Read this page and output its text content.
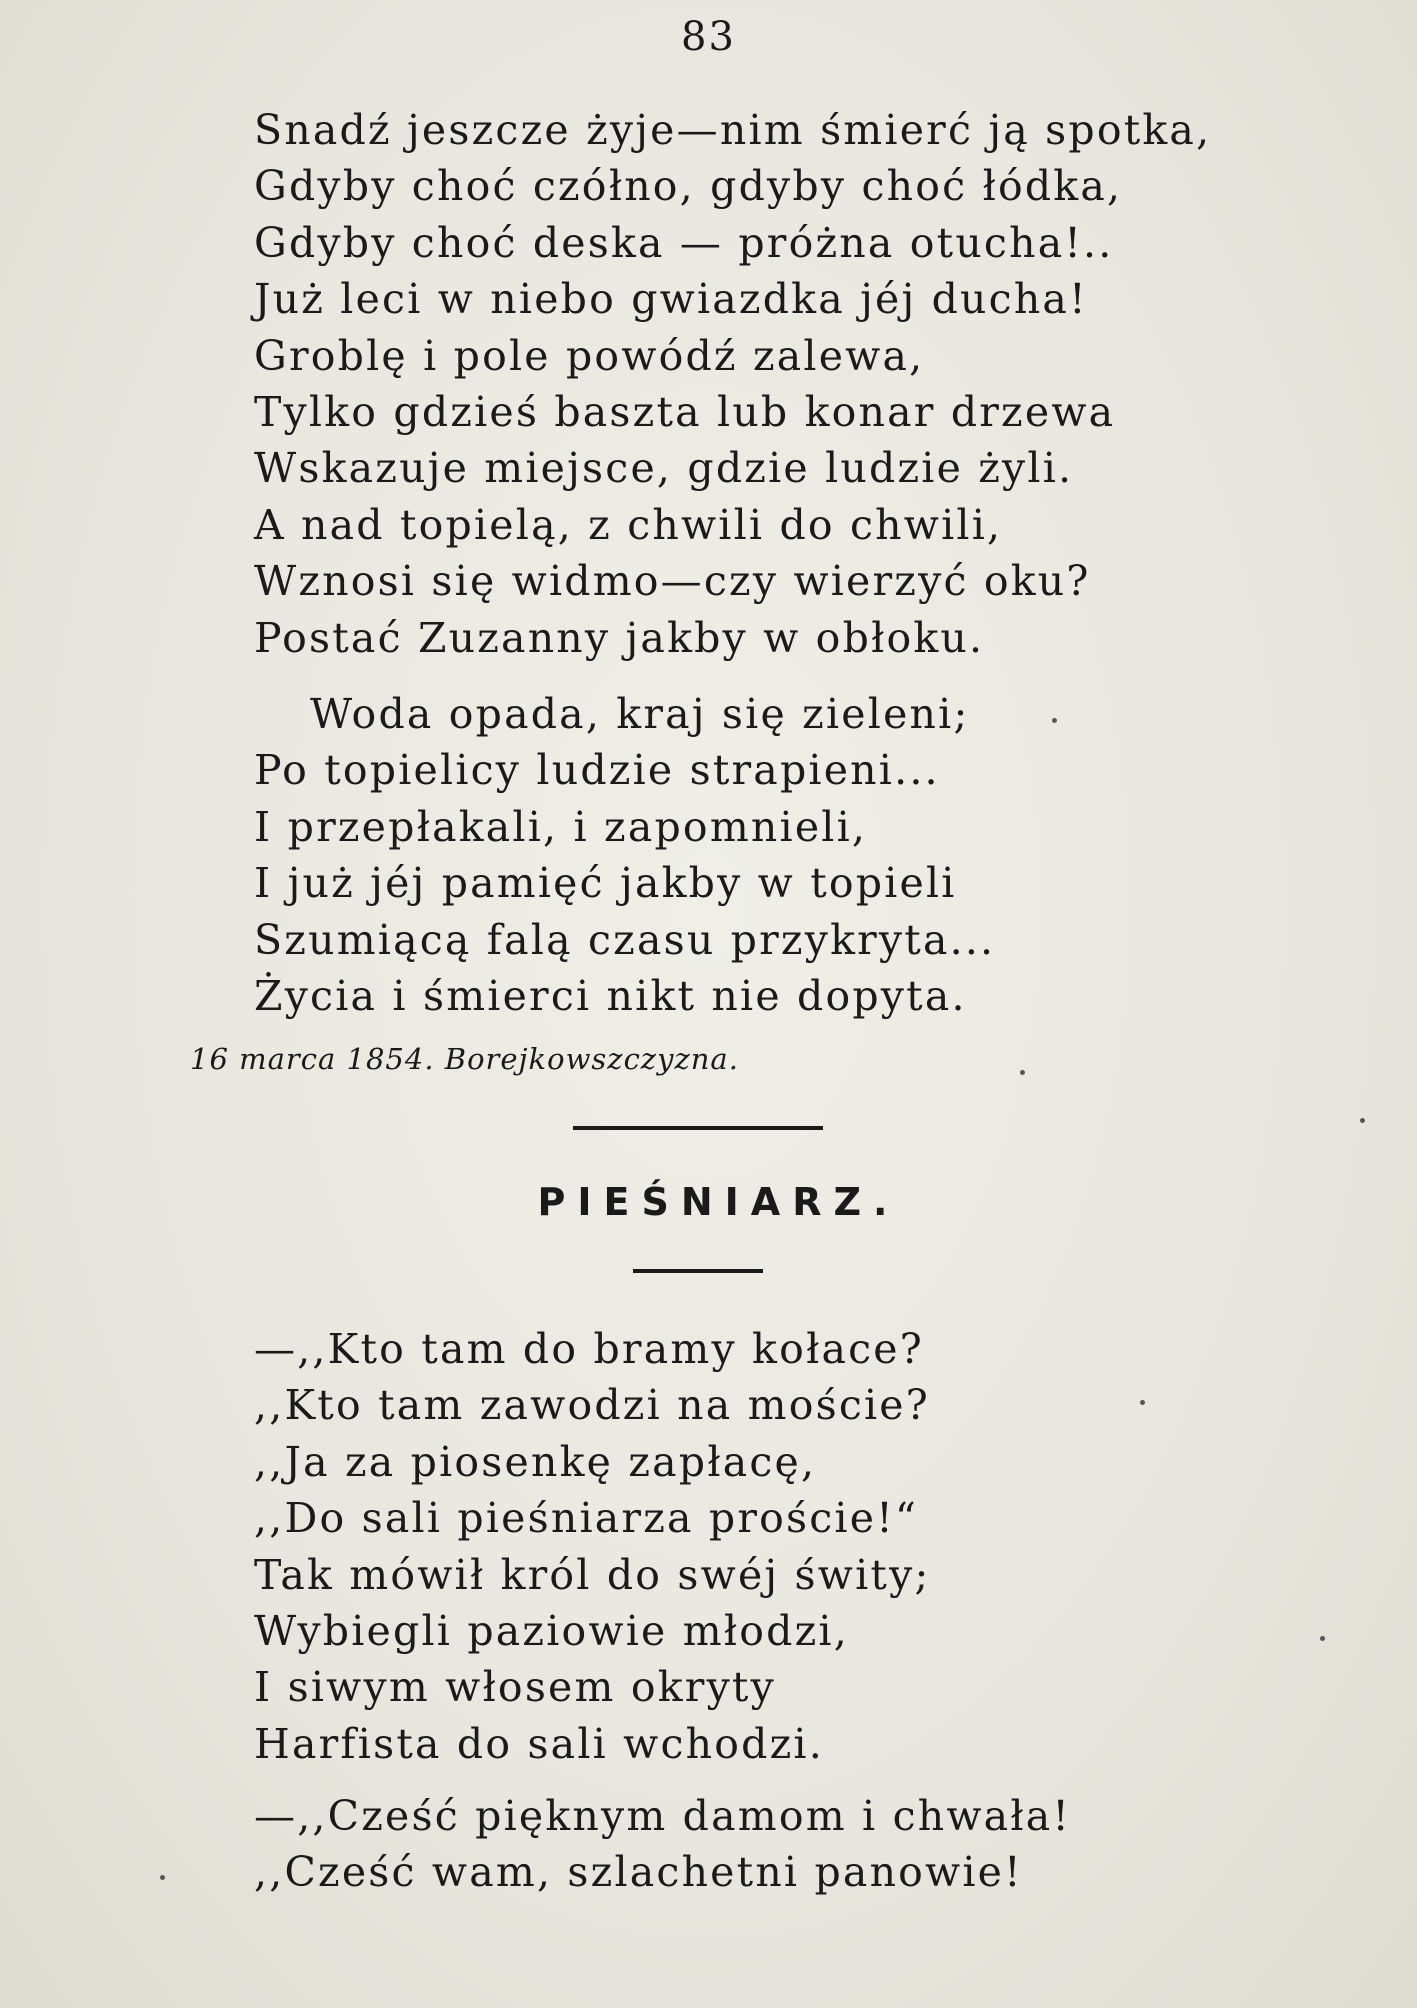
83
Snadź jeszcze żyje—nim śmierć ją spotka,
Gdyby choć czółno, gdyby choć łódka,
Gdyby choć deska — próżna otucha!..
Już leci w niebo gwiazdka jéj ducha!
Groblę i pole powódź zalewa,
Tylko gdzieś baszta lub konar drzewa
Wskazuje miejsce, gdzie ludzie żyli.
A nad topielą, z chwili do chwili,
Wznosi się widmo—czy wierzyć oku?
Postać Zuzanny jakby w obłoku.
Woda opada, kraj się zieleni;
Po topielicy ludzie strapieni...
I przepłakali, i zapomnieli,
I już jéj pamięć jakby w topieli
Szumiącą falą czasu przykryta...
Życia i śmierci nikt nie dopyta.
16 marca 1854. Borejkowszczyzna.
PIEŚNIARZ.
—,,Kto tam do bramy kołace?
,,Kto tam zawodzi na moście?
,,Ja za piosenkę zapłacę,
,,Do sali pieśniarza proście!“
Tak mówił król do swéj świty;
Wybiegli paziowie młodzi,
I siwym włosem okryty
Harfista do sali wchodzi.
—,,Cześć pięknym damom i chwała!
,,Cześć wam, szlachetni panowie!
